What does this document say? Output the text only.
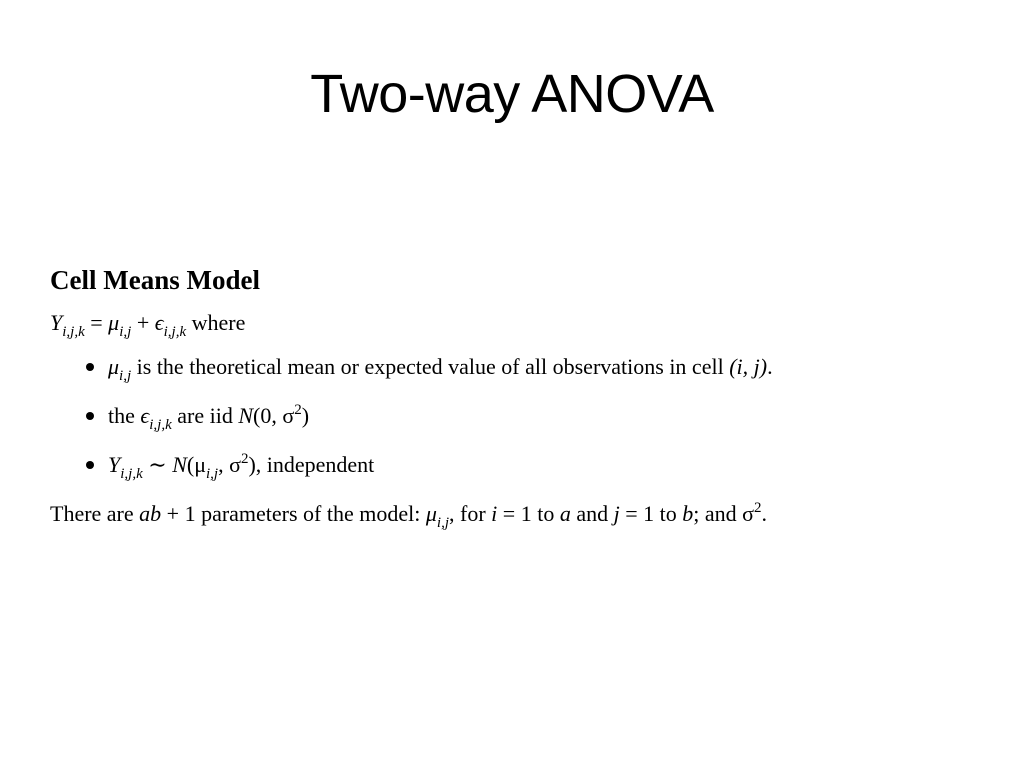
Two-way ANOVA
Cell Means Model
$Y_{i,j,k} = \mu_{i,j} + \epsilon_{i,j,k}$ where
$\mu_{i,j}$ is the theoretical mean or expected value of all observations in cell (i, j).
the $\epsilon_{i,j,k}$ are iid N(0, $\sigma^2$)
$Y_{i,j,k}$ ∼ $N(\mu_{i,j}$, $\sigma^2$), independent
There are ab + 1 parameters of the model: $\mu_{i,j}$, for i = 1 to a and j = 1 to b; and $\sigma^2$.
